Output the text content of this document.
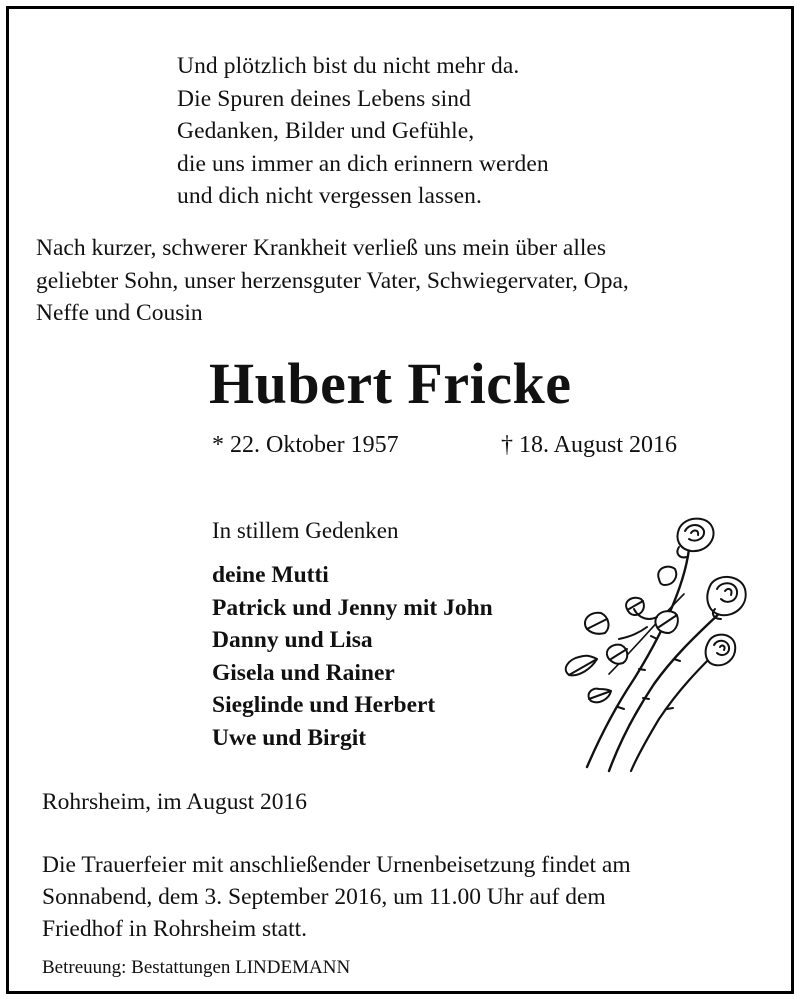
Und plötzlich bist du nicht mehr da.
Die Spuren deines Lebens sind
Gedanken, Bilder und Gefühle,
die uns immer an dich erinnern werden
und dich nicht vergessen lassen.
Nach kurzer, schwerer Krankheit verließ uns mein über alles
geliebter Sohn, unser herzensguter Vater, Schwiegervater, Opa,
Neffe und Cousin
Hubert Fricke
* 22. Oktober 1957	† 18. August 2016
In stillem Gedenken
deine Mutti
Patrick und Jenny mit John
Danny und Lisa
Gisela und Rainer
Sieglinde und Herbert
Uwe und Birgit
Rohrsheim, im August 2016
Die Trauerfeier mit anschließender Urnenbeisetzung findet am
Sonnabend, dem 3. September 2016, um 11.00 Uhr auf dem
Friedhof in Rohrsheim statt.
Betreuung: Bestattungen LINDEMANN
